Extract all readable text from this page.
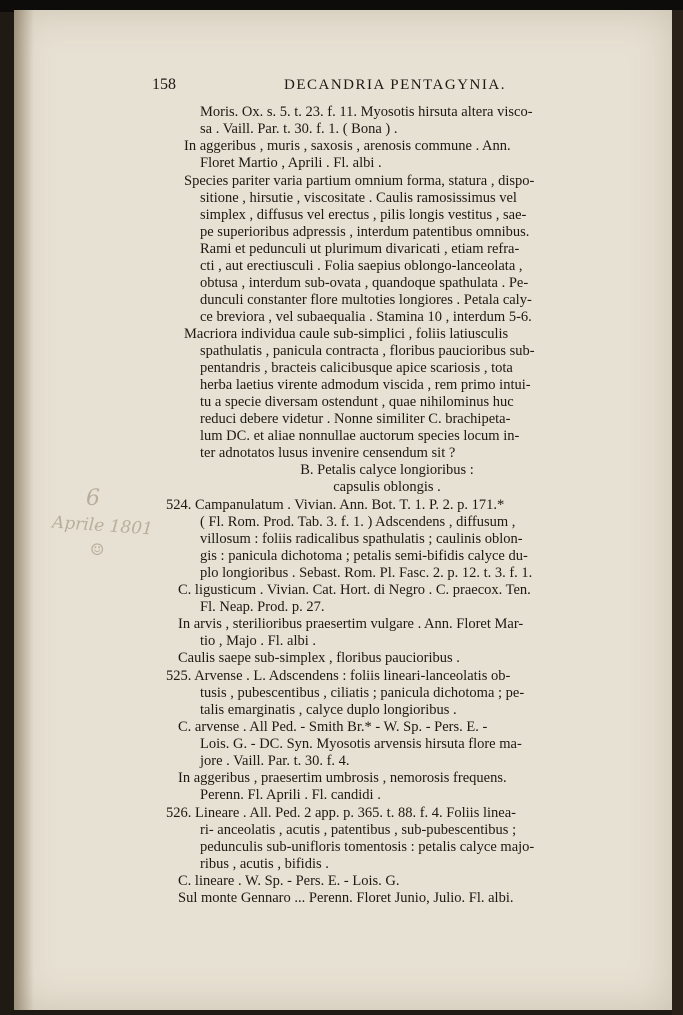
158	DECANDRIA PENTAGYNIA.
6
Aprile 1801
☺
Moris. Ox. s. 5. t. 23. f. 11. Myosotis hirsuta altera visco-
sa . Vaill. Par. t. 30. f. 1. ( Bona ) .
In aggeribus , muris , saxosis , arenosis commune . Ann.
Floret Martio , Aprili . Fl. albi .
Species pariter varia partium omnium forma, statura , dispo-
sitione , hirsutie , viscositate . Caulis ramosissimus vel
simplex , diffusus vel erectus , pilis longis vestitus , sae-
pe superioribus adpressis , interdum patentibus omnibus.
Rami et pedunculi ut plurimum divaricati , etiam refra-
cti , aut erectiusculi . Folia saepius oblongo-lanceolata ,
obtusa , interdum sub-ovata , quandoque spathulata . Pe-
dunculi constanter flore multoties longiores . Petala caly-
ce breviora , vel subaequalia . Stamina 10 , interdum 5-6.
Macriora individua caule sub-simplici , foliis latiusculis
spathulatis , panicula contracta , floribus paucioribus sub-
pentandris , bracteis calicibusque apice scariosis , tota
herba laetius virente admodum viscida , rem primo intui-
tu a specie diversam ostendunt , quae nihilominus huc
reduci debere videtur . Nonne similiter C. brachipeta-
lum DC. et aliae nonnullae auctorum species locum in-
ter adnotatos lusus invenire censendum sit ?
B. Petalis calyce longioribus :
capsulis oblongis .
524. Campanulatum . Vivian. Ann. Bot. T. 1. P. 2. p. 171.*
( Fl. Rom. Prod. Tab. 3. f. 1. ) Adscendens , diffusum ,
villosum : foliis radicalibus spathulatis ; caulinis oblon-
gis : panicula dichotoma ; petalis semi-bifidis calyce du-
plo longioribus . Sebast. Rom. Pl. Fasc. 2. p. 12. t. 3. f. 1.
C. ligusticum . Vivian. Cat. Hort. di Negro . C. praecox. Ten.
Fl. Neap. Prod. p. 27.
In arvis , sterilioribus praesertim vulgare . Ann. Floret Mar-
tio , Majo . Fl. albi .
Caulis saepe sub-simplex , floribus paucioribus .
525. Arvense . L. Adscendens : foliis lineari-lanceolatis ob-
tusis , pubescentibus , ciliatis ; panicula dichotoma ; pe-
talis emarginatis , calyce duplo longioribus .
C. arvense . All Ped. - Smith Br.* - W. Sp. - Pers. E. -
Lois. G. - DC. Syn. Myosotis arvensis hirsuta flore ma-
jore . Vaill. Par. t. 30. f. 4.
In aggeribus , praesertim umbrosis , nemorosis frequens.
Perenn. Fl. Aprili . Fl. candidi .
526. Lineare . All. Ped. 2 app. p. 365. t. 88. f. 4. Foliis linea-
ri- anceolatis , acutis , patentibus , sub-pubescentibus ;
pedunculis sub-unifloris tomentosis : petalis calyce majo-
ribus , acutis , bifidis .
C. lineare . W. Sp. - Pers. E. - Lois. G.
Sul monte Gennaro ... Perenn. Floret Junio, Julio. Fl. albi.
